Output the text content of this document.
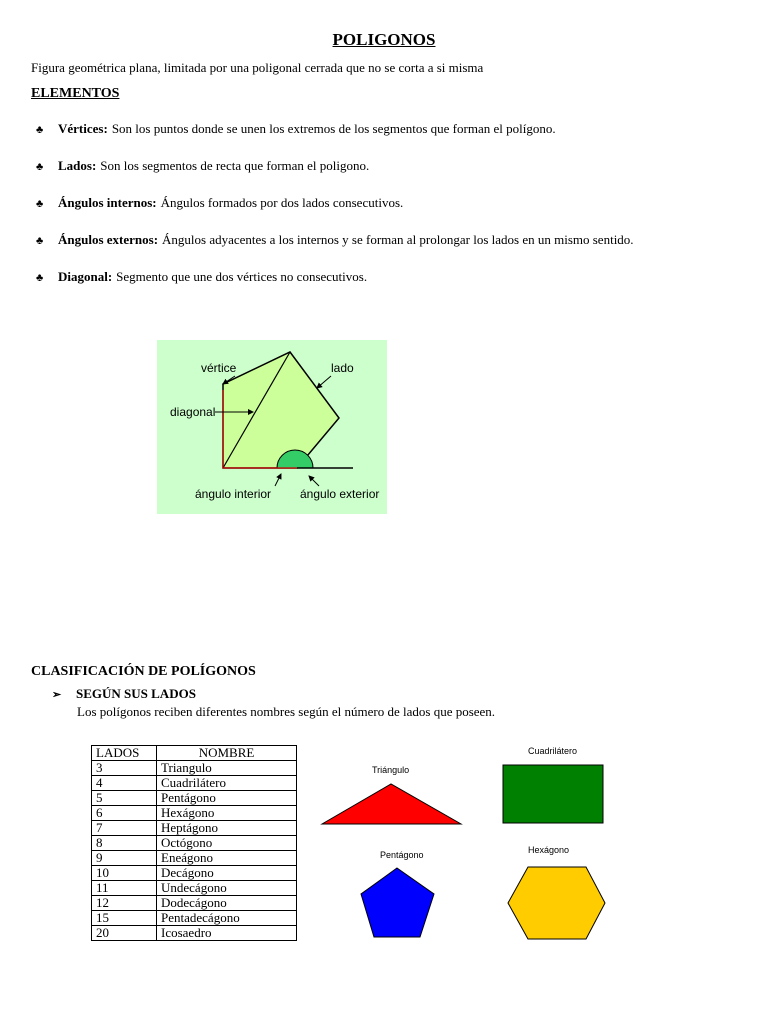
POLIGONOS
Figura geométrica plana, limitada por una poligonal cerrada que no se corta a si misma
ELEMENTOS
♣	Vértices: Son los puntos donde se unen los extremos de los segmentos que forman el polígono.
♣	Lados: Son los segmentos de recta que forman el poligono.
♣	Ángulos internos: Ángulos formados por dos lados consecutivos.
♣	Ángulos externos: Ángulos adyacentes a los internos y se forman al prolongar los lados en un mismo sentido.
♣	Diagonal: Segmento que une dos vértices no consecutivos.
vértice	lado
diagonal
ángulo interior ángulo exterior
CLASIFICACIÓN DE POLÍGONOS
➢	SEGÚN SUS LADOS
Los polígonos reciben diferentes nombres según el número de lados que poseen.
LADOS	NOMBRE
3	Triangulo
4	Cuadrilátero
5	Pentágono
6	Hexágono
7	Heptágono
8	Octógono
9	Eneágono
10	Decágono
11	Undecágono
12	Dodecágono
15	Pentadecágono
20	Icosaedro
Triángulo
Cuadrilátero
Pentágono	Hexágono
